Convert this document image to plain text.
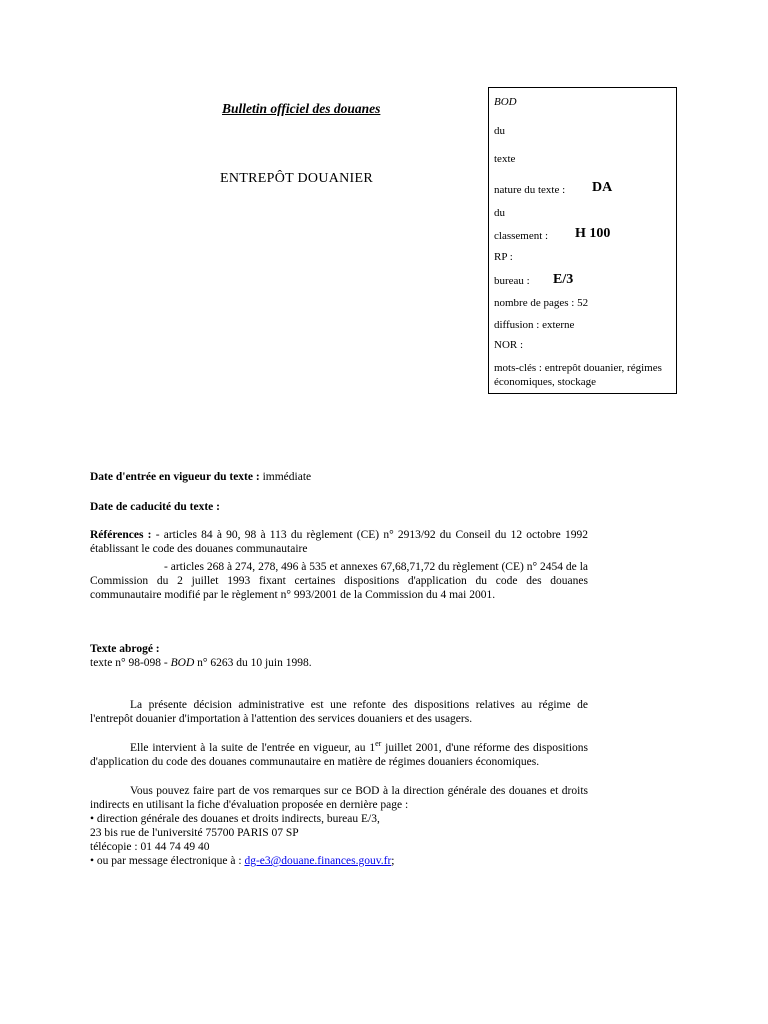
Bulletin officiel des douanes
ENTREPÔT DOUANIER
BOD
du
texte
nature du texte : DA
du
classement : H 100
RP :
bureau : E/3
nombre de pages : 52
diffusion : externe
NOR :
mots-clés : entrepôt douanier, régimes économiques, stockage
Date d'entrée en vigueur du texte : immédiate
Date de caducité du texte :
Références : - articles 84 à 90, 98 à 113 du règlement (CE) n° 2913/92 du Conseil du 12 octobre 1992 établissant le code des douanes communautaire
- articles 268 à 274, 278, 496 à 535 et annexes 67,68,71,72 du règlement (CE) n° 2454 de la Commission du 2 juillet 1993 fixant certaines dispositions d'application du code des douanes communautaire modifié par le règlement n° 993/2001 de la Commission du 4 mai 2001.
Texte abrogé :
texte n° 98-098 - BOD n° 6263 du 10 juin 1998.
La présente décision administrative est une refonte des dispositions relatives au régime de l'entrepôt douanier d'importation à l'attention des services douaniers et des usagers.
Elle intervient à la suite de l'entrée en vigueur, au 1er juillet 2001, d'une réforme des dispositions d'application du code des douanes communautaire en matière de régimes douaniers économiques.
Vous pouvez faire part de vos remarques sur ce BOD à la direction générale des douanes et droits indirects en utilisant la fiche d'évaluation proposée en dernière page :
• direction générale des douanes et droits indirects, bureau E/3,
23 bis rue de l'université 75700 PARIS 07 SP
télécopie : 01 44 74 49 40
• ou par message électronique à : dg-e3@douane.finances.gouv.fr;
